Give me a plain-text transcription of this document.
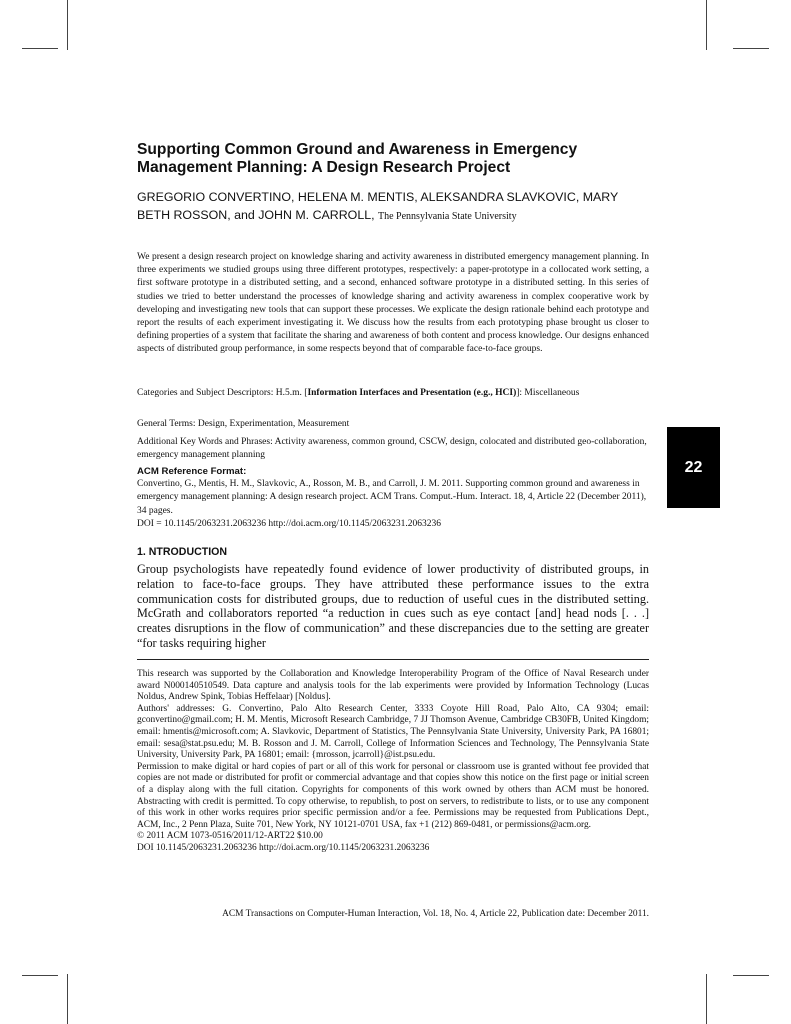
Supporting Common Ground and Awareness in Emergency
Management Planning: A Design Research Project
GREGORIO CONVERTINO, HELENA M. MENTIS, ALEKSANDRA SLAVKOVIC, MARY BETH ROSSON, and JOHN M. CARROLL, The Pennsylvania State University

We present a design research project on knowledge sharing and activity awareness in distributed emergency management planning. In three experiments we studied groups using three different prototypes, respectively: a paper-prototype in a collocated work setting, a first software prototype in a distributed setting, and a second, enhanced software prototype in a distributed setting. In this series of studies we tried to better understand the processes of knowledge sharing and activity awareness in complex cooperative work by developing and investigating new tools that can support these processes. We explicate the design rationale behind each prototype and report the results of each experiment investigating it. We discuss how the results from each prototyping phase brought us closer to defining properties of a system that facilitate the sharing and awareness of both content and process knowledge. Our designs enhanced aspects of distributed group performance, in some respects beyond that of comparable face-to-face groups.

Categories and Subject Descriptors: H.5.m. [Information Interfaces and Presentation (e.g., HCI)]: Miscellaneous

General Terms: Design, Experimentation, Measurement

Additional Key Words and Phrases: Activity awareness, common ground, CSCW, design, colocated and distributed geo-collaboration, emergency management planning

ACM Reference Format:
Convertino, G., Mentis, H. M., Slavkovic, A., Rosson, M. B., and Carroll, J. M. 2011. Supporting common ground and awareness in emergency management planning: A design research project. ACM Trans. Comput.-Hum. Interact. 18, 4, Article 22 (December 2011), 34 pages.
DOI = 10.1145/2063231.2063236 http://doi.acm.org/10.1145/2063231.2063236
22
1. NTRODUCTION

Group psychologists have repeatedly found evidence of lower productivity of distributed groups, in relation to face-to-face groups. They have attributed these performance issues to the extra communication costs for distributed groups, due to reduction of useful cues in the distributed setting. McGrath and collaborators reported “a reduction in cues such as eye contact [and] head nods [. . .] creates disruptions in the flow of communication” and these discrepancies due to the setting are greater “for tasks requiring higher

This research was supported by the Collaboration and Knowledge Interoperability Program of the Office of Naval Research under award N000140510549. Data capture and analysis tools for the lab experiments were provided by Information Technology (Lucas Noldus, Andrew Spink, Tobias Heffelaar) [Noldus].

Authors' addresses: G. Convertino, Palo Alto Research Center, 3333 Coyote Hill Road, Palo Alto, CA 9304; email: gconvertino@gmail.com; H. M. Mentis, Microsoft Research Cambridge, 7 JJ Thomson Avenue, Cambridge CB30FB, United Kingdom; email: hmentis@microsoft.com; A. Slavkovic, Department of Statistics, The Pennsylvania State University, University Park, PA 16801; email: sesa@stat.psu.edu; M. B. Rosson and J. M. Carroll, College of Information Sciences and Technology, The Pennsylvania State University, University Park, PA 16801; email: {mrosson, jcarroll}@ist.psu.edu.

Permission to make digital or hard copies of part or all of this work for personal or classroom use is granted without fee provided that copies are not made or distributed for profit or commercial advantage and that copies show this notice on the first page or initial screen of a display along with the full citation. Copyrights for components of this work owned by others than ACM must be honored. Abstracting with credit is permitted. To copy otherwise, to republish, to post on servers, to redistribute to lists, or to use any component of this work in other works requires prior specific permission and/or a fee. Permissions may be requested from Publications Dept., ACM, Inc., 2 Penn Plaza, Suite 701, New York, NY 10121-0701 USA, fax +1 (212) 869-0481, or permissions@acm.org.

© 2011 ACM 1073-0516/2011/12-ART22 $10.00

DOI 10.1145/2063231.2063236 http://doi.acm.org/10.1145/2063231.2063236

ACM Transactions on Computer-Human Interaction, Vol. 18, No. 4, Article 22, Publication date: December 2011.
